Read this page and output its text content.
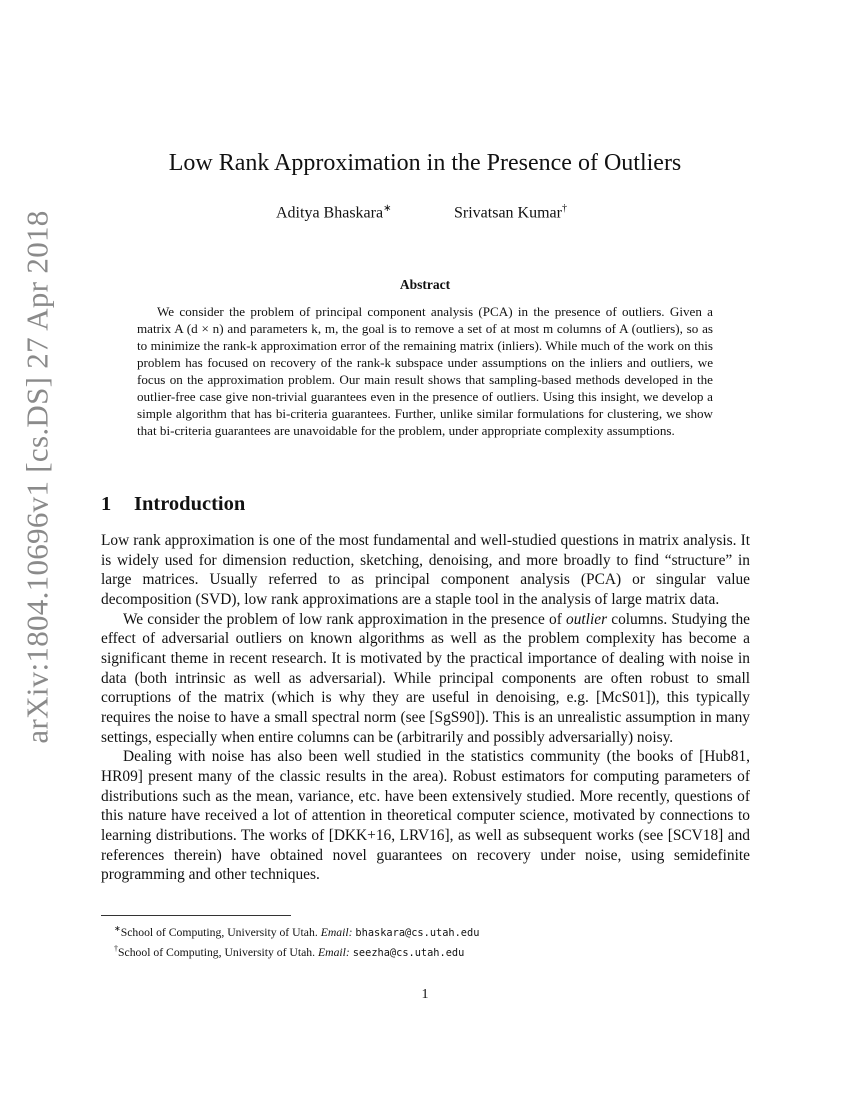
arXiv:1804.10696v1 [cs.DS] 27 Apr 2018
Low Rank Approximation in the Presence of Outliers
Aditya Bhaskara∗	Srivatsan Kumar†
Abstract

We consider the problem of principal component analysis (PCA) in the presence of outliers. Given a matrix A (d × n) and parameters k, m, the goal is to remove a set of at most m columns of A (outliers), so as to minimize the rank-k approximation error of the remaining matrix (inliers). While much of the work on this problem has focused on recovery of the rank-k subspace under assumptions on the inliers and outliers, we focus on the approximation problem. Our main result shows that sampling-based methods developed in the outlier-free case give non-trivial guarantees even in the presence of outliers. Using this insight, we develop a simple algorithm that has bi-criteria guarantees. Further, unlike similar formulations for clustering, we show that bi-criteria guarantees are unavoidable for the problem, under appropriate complexity assumptions.

1 Introduction

Low rank approximation is one of the most fundamental and well-studied questions in matrix analysis. It is widely used for dimension reduction, sketching, denoising, and more broadly to find “structure” in large matrices. Usually referred to as principal component analysis (PCA) or singular value decomposition (SVD), low rank approximations are a staple tool in the analysis of large matrix data.

We consider the problem of low rank approximation in the presence of outlier columns. Studying the effect of adversarial outliers on known algorithms as well as the problem complexity has become a significant theme in recent research. It is motivated by the practical importance of dealing with noise in data (both intrinsic as well as adversarial). While principal components are often robust to small corruptions of the matrix (which is why they are useful in denoising, e.g. [McS01]), this typically requires the noise to have a small spectral norm (see [SgS90]). This is an unrealistic assumption in many settings, especially when entire columns can be (arbitrarily and possibly adversarially) noisy.

Dealing with noise has also been well studied in the statistics community (the books of [Hub81, HR09] present many of the classic results in the area). Robust estimators for computing parameters of distributions such as the mean, variance, etc. have been extensively studied. More recently, questions of this nature have received a lot of attention in theoretical computer science, motivated by connections to learning distributions. The works of [DKK+16, LRV16], as well as subsequent works (see [SCV18] and references therein) have obtained novel guarantees on recovery under noise, using semidefinite programming and other techniques.

∗School of Computing, University of Utah. Email: bhaskara@cs.utah.edu
†School of Computing, University of Utah. Email: seezha@cs.utah.edu
1
